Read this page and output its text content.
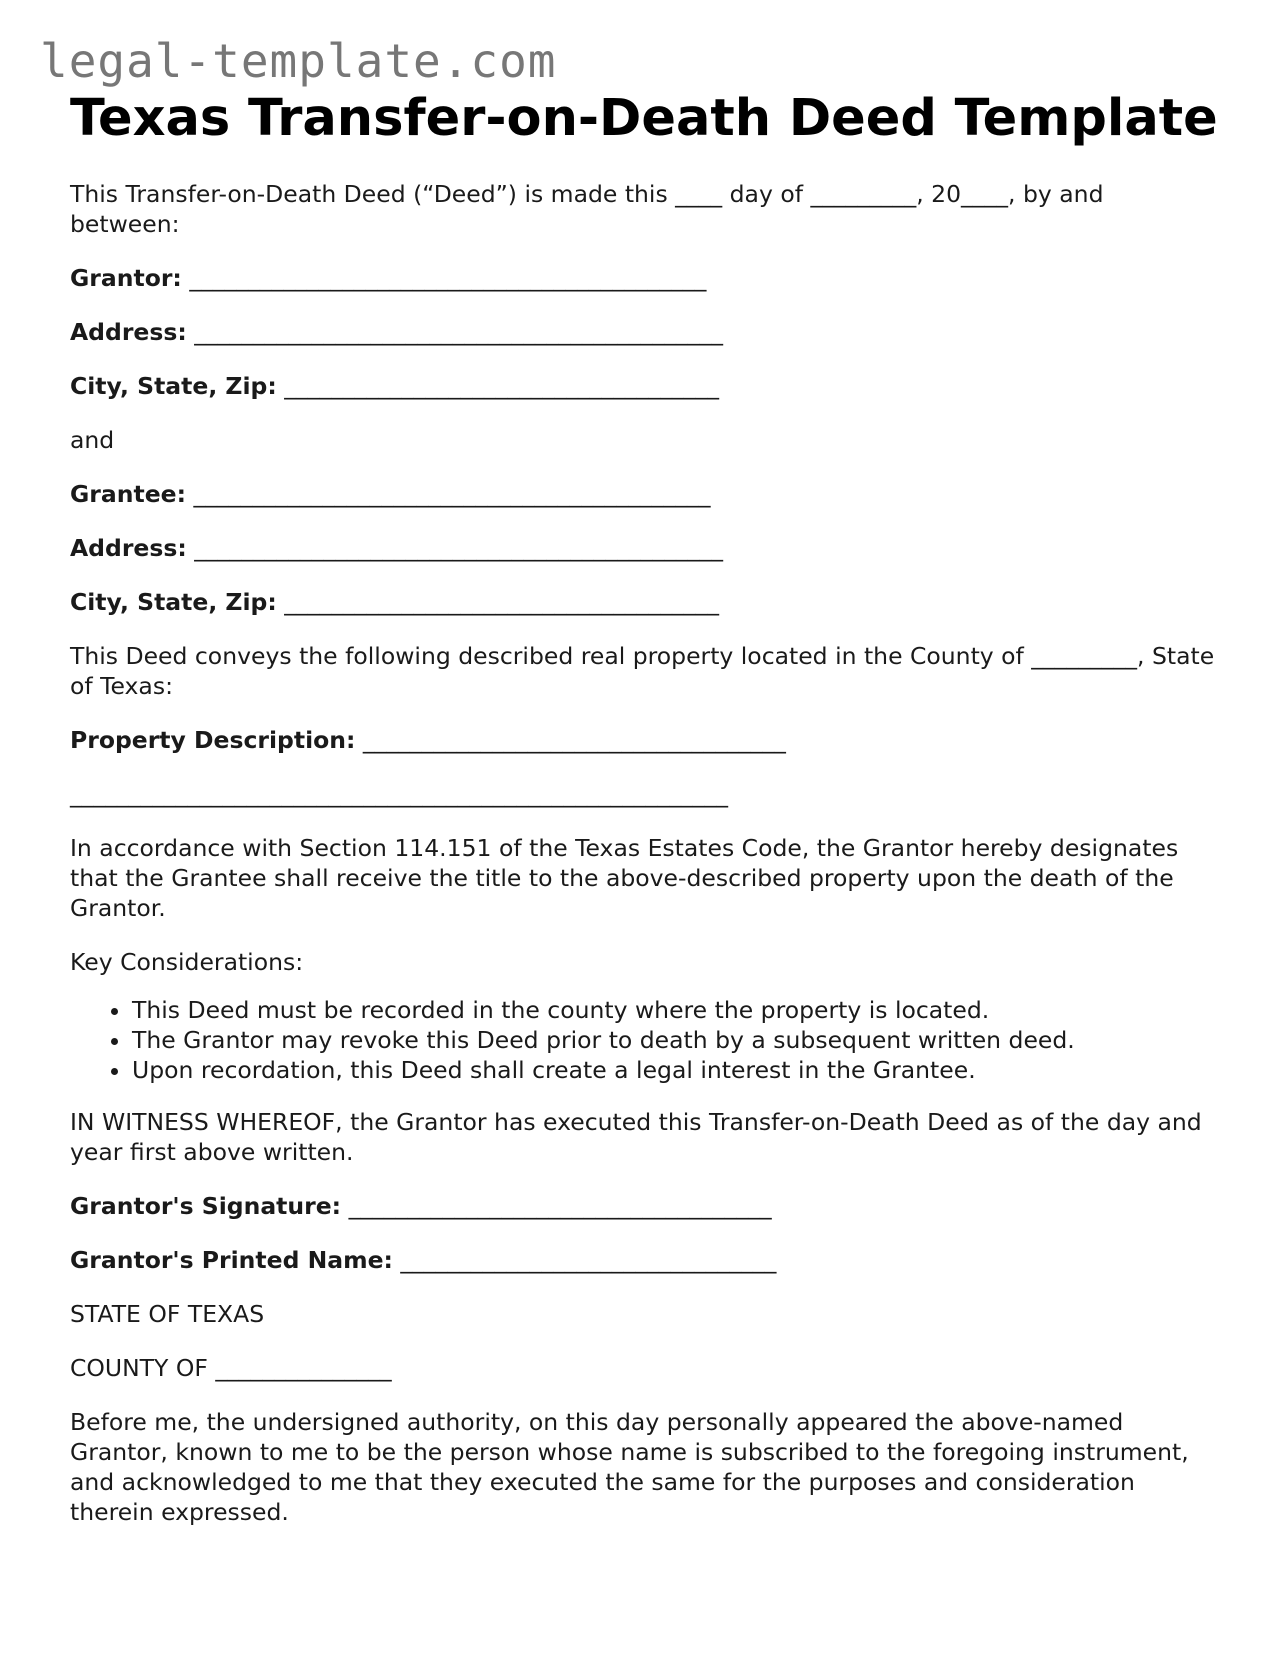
legal-template.com
Texas Transfer-on-Death Deed Template

This Transfer-on-Death Deed (“Deed”) is made this ____ day of _________, 20____, by and between:

Grantor: ____________________________________________

Address: _____________________________________________

City, State, Zip: _____________________________________

and

Grantee: ____________________________________________

Address: _____________________________________________

City, State, Zip: _____________________________________

This Deed conveys the following described real property located in the County of _________, State of Texas:

Property Description: ____________________________________

________________________________________________________

In accordance with Section 114.151 of the Texas Estates Code, the Grantor hereby designates that the Grantee shall receive the title to the above-described property upon the death of the Grantor.

Key Considerations:

• This Deed must be recorded in the county where the property is located.
• The Grantor may revoke this Deed prior to death by a subsequent written deed.
• Upon recordation, this Deed shall create a legal interest in the Grantee.

IN WITNESS WHEREOF, the Grantor has executed this Transfer-on-Death Deed as of the day and year first above written.

Grantor's Signature: ____________________________________

Grantor's Printed Name: ________________________________

STATE OF TEXAS

COUNTY OF _______________

Before me, the undersigned authority, on this day personally appeared the above-named Grantor, known to me to be the person whose name is subscribed to the foregoing instrument, and acknowledged to me that they executed the same for the purposes and consideration therein expressed.
